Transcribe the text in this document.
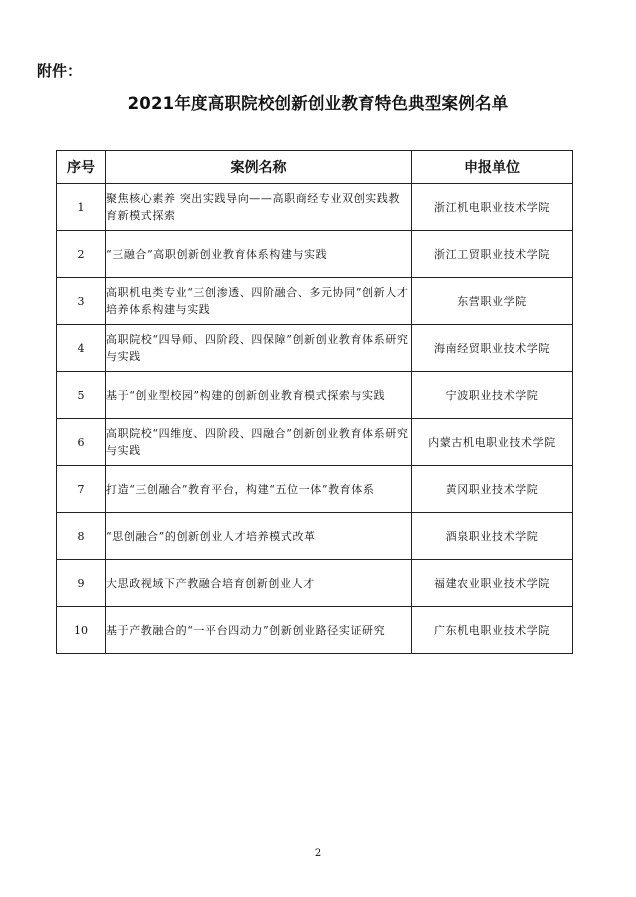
附件：

2021年度高职院校创新创业教育特色典型案例名单
序号	案例名称	申报单位
1	聚焦核心素养 突出实践导向——高职商经专业双创实践教育新模式探索	浙江机电职业技术学院
2	“三融合”高职创新创业教育体系构建与实践	浙江工贸职业技术学院
3	高职机电类专业“三创渗透、四阶融合、多元协同”创新人才培养体系构建与实践	东营职业学院
4	高职院校“四导师、四阶段、四保障”创新创业教育体系研究与实践	海南经贸职业技术学院
5	基于“创业型校园”构建的创新创业教育模式探索与实践	宁波职业技术学院
6	高职院校“四维度、四阶段、四融合”创新创业教育体系研究与实践	内蒙古机电职业技术学院
7	打造“三创融合”教育平台，构建“五位一体”教育体系	黄冈职业技术学院
8	“思创融合”的创新创业人才培养模式改革	酒泉职业技术学院
9	大思政视域下产教融合培育创新创业人才	福建农业职业技术学院
10	基于产教融合的“一平台四动力”创新创业路径实证研究	广东机电职业技术学院

2
